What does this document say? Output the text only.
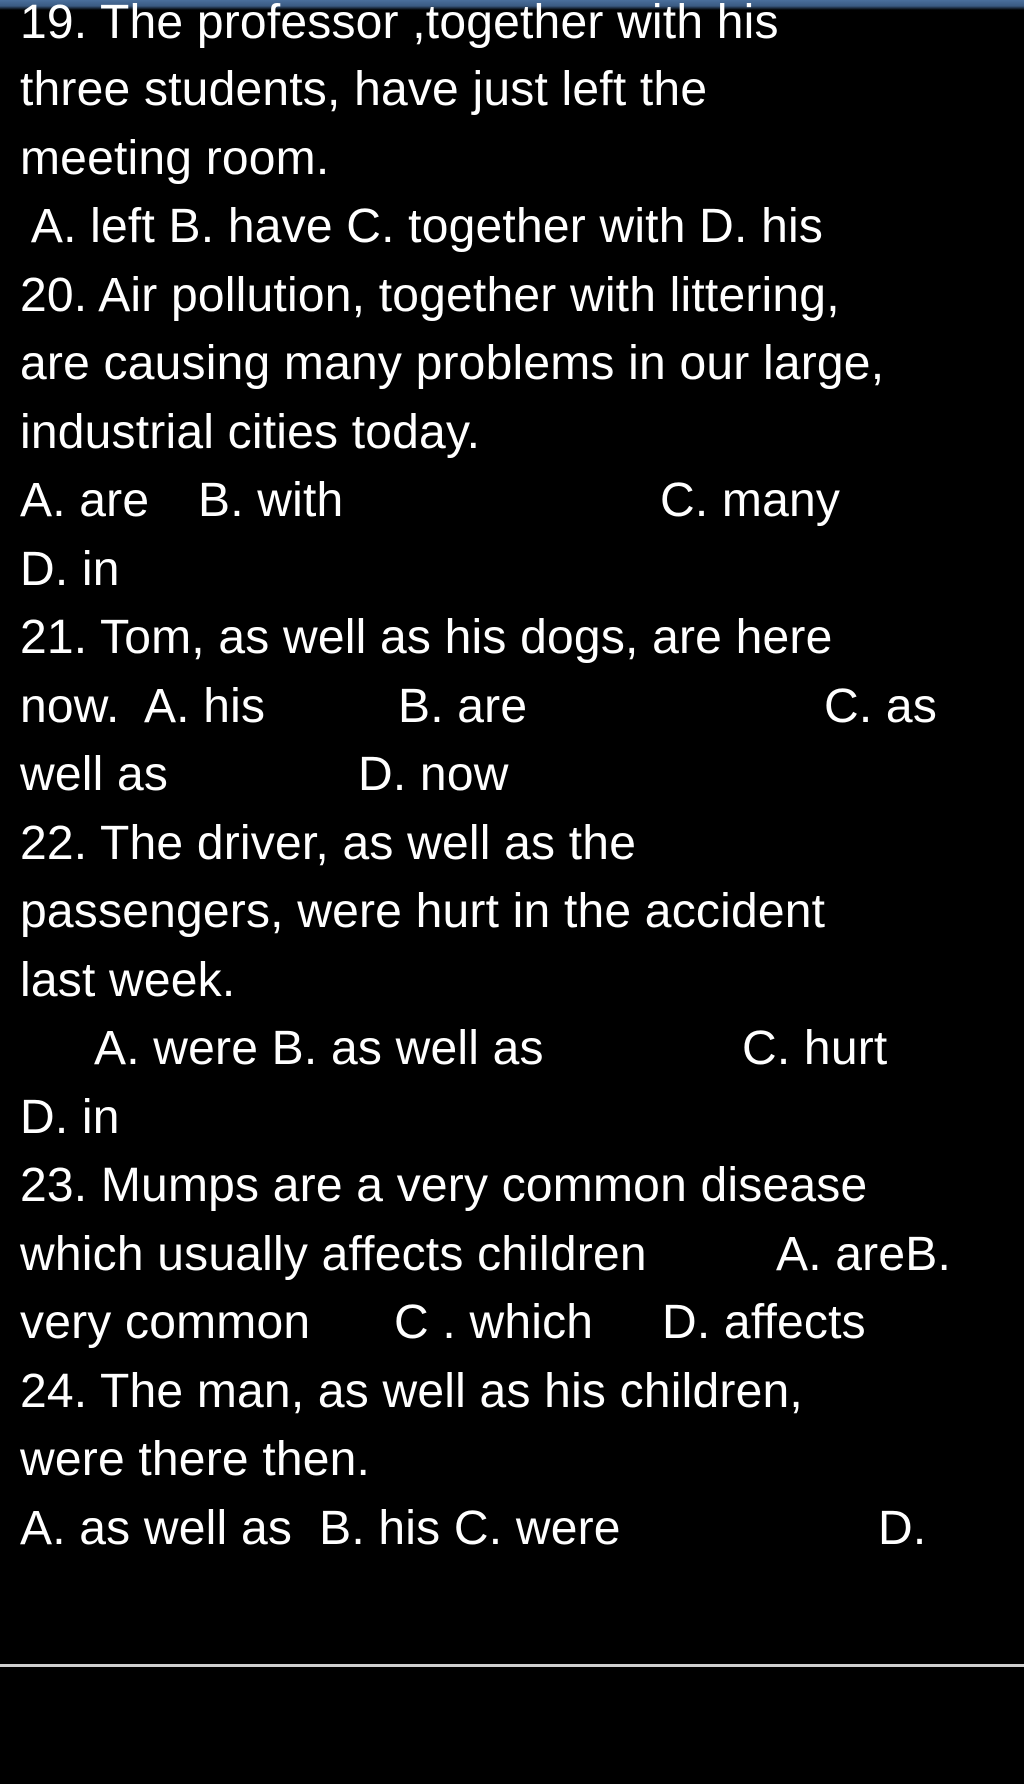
19. The professor ,together with his

three students, have just left the

meeting room.

A. left B. have C. together with D. his

20. Air pollution, together with littering,

are causing many problems in our large,

industrial cities today.

A. are

B. with

	C. many

D. in

21. Tom, as well as his dogs, are here

now.  A. his

	B. are

	C. as

well as

	D. now

22. The driver, as well as the

passengers, were hurt in the accident

last week.

A. were B. as well as

	C. hurt

D. in

23. Mumps are a very common disease

which usually affects children

	A. areB.

very common

C . which

D. affects

24. The man, as well as his children,

were there then.

A. as well as  B. his C. were

	D.
